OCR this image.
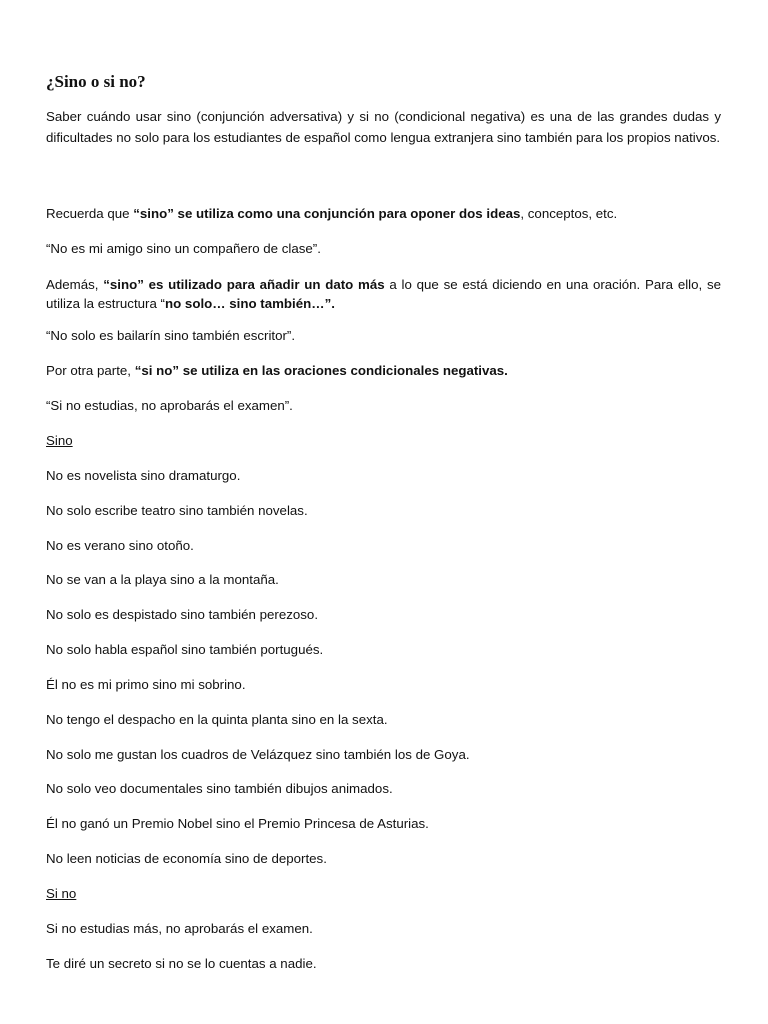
¿Sino o si no?

Saber cuándo usar sino (conjunción adversativa) y si no (condicional negativa) es una de las grandes dudas y dificultades no solo para los estudiantes de español como lengua extranjera sino también para los propios nativos.

Recuerda que “sino” se utiliza como una conjunción para oponer dos ideas, conceptos, etc.

“No es mi amigo sino un compañero de clase”.

Además, “sino” es utilizado para añadir un dato más a lo que se está diciendo en una oración. Para ello, se utiliza la estructura “no solo… sino también…”.

“No solo es bailarín sino también escritor”.

Por otra parte, “si no” se utiliza en las oraciones condicionales negativas.

“Si no estudias, no aprobarás el examen”.

Sino

No es novelista sino dramaturgo.

No solo escribe teatro sino también novelas.

No es verano sino otoño.

No se van a la playa sino a la montaña.

No solo es despistado sino también perezoso.

No solo habla español sino también portugués.

Él no es mi primo sino mi sobrino.

No tengo el despacho en la quinta planta sino en la sexta.

No solo me gustan los cuadros de Velázquez sino también los de Goya.

No solo veo documentales sino también dibujos animados.

Él no ganó un Premio Nobel sino el Premio Princesa de Asturias.

No leen noticias de economía sino de deportes.

Si no

Si no estudias más, no aprobarás el examen.

Te diré un secreto si no se lo cuentas a nadie.
